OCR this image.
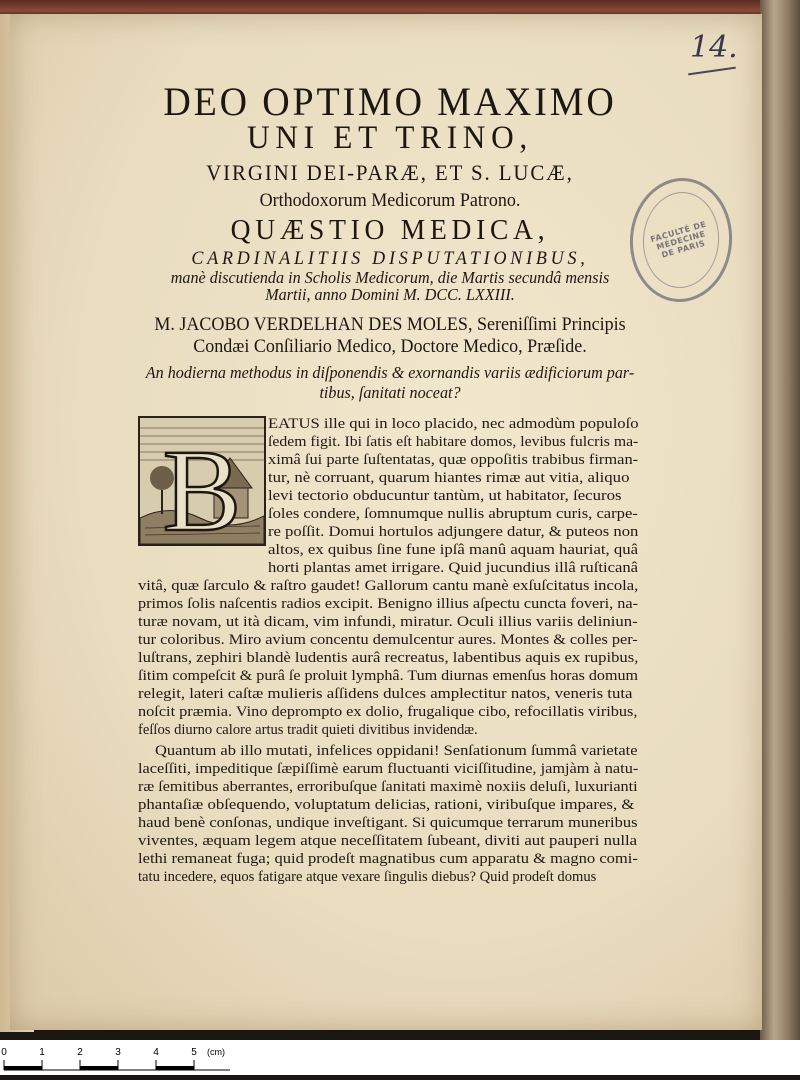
14.
FACULTÉ DE MÉDECINE DE PARIS
DEO OPTIMO MAXIMO
UNI ET TRINO,
VIRGINI DEI-PARÆ, ET S. LUCÆ,
Orthodoxorum Medicorum Patrono.
QUÆSTIO MEDICA,
CARDINALITIIS DISPUTATIONIBUS,
manè discutienda in Scholis Medicorum, die Martis secundâ mensis
Martii, anno Domini M. DCC. LXXIII.
M. JACOBO VERDELHAN DES MOLES, Sereniſſimi Principis
Condæi Conſiliario Medico, Doctore Medico, Præſide.
An hodierna methodus in diſponendis & exornandis variis ædificiorum par-
tibus, ſanitati noceat?
B
EATUS ille qui in loco placido, nec admodùm populoſo
ſedem figit. Ibi ſatis eſt habitare domos, levibus fulcris ma-
ximâ ſui parte ſuſtentatas, quæ oppoſitis trabibus firman-
tur, nè corruant, quarum hiantes rimæ aut vitia, aliquo
levi tectorio obducuntur tantùm, ut habitator, ſecuros
ſoles condere, ſomnumque nullis abruptum curis, carpe-
re poſſit. Domui hortulos adjungere datur, & puteos non
altos, ex quibus ſine fune ipſâ manû aquam hauriat, quâ
horti plantas amet irrigare. Quid jucundius illâ ruſticanâ
vitâ, quæ ſarculo & raſtro gaudet! Gallorum cantu manè exſuſcitatus incola,
primos ſolis naſcentis radios excipit. Benigno illius aſpectu cuncta foveri, na-
turæ novam, ut ità dicam, vim infundi, miratur. Oculi illius variis deliniun-
tur coloribus. Miro avium concentu demulcentur aures. Montes & colles per-
luſtrans, zephiri blandè ludentis aurâ recreatus, labentibus aquis ex rupibus,
ſitim compeſcit & purâ ſe proluit lymphâ. Tum diurnas emenſus horas domum
relegit, lateri caſtæ mulieris aſſidens dulces amplectitur natos, veneris tuta
noſcit præmia. Vino deprompto ex dolio, frugalique cibo, refocillatis viribus,
feſſos diurno calore artus tradit quieti divitibus invidendæ.
Quantum ab illo mutati, infelices oppidani! Senſationum ſummâ varietate
laceſſiti, impeditique ſæpiſſimè earum fluctuanti viciſſitudine, jamjàm à natu-
ræ ſemitibus aberrantes, erroribuſque ſanitati maximè noxiis deluſi, luxurianti
phantaſiæ obſequendo, voluptatum delicias, rationi, viribuſque impares, &
haud benè conſonas, undique inveſtigant. Si quicumque terrarum muneribus
viventes, æquam legem atque neceſſitatem ſubeant, diviti aut pauperi nulla
lethi remaneat fuga; quid prodeſt magnatibus cum apparatu & magno comi-
tatu incedere, equos fatigare atque vexare ſingulis diebus? Quid prodeſt domus
0	1	2	3	4	5 (cm)
